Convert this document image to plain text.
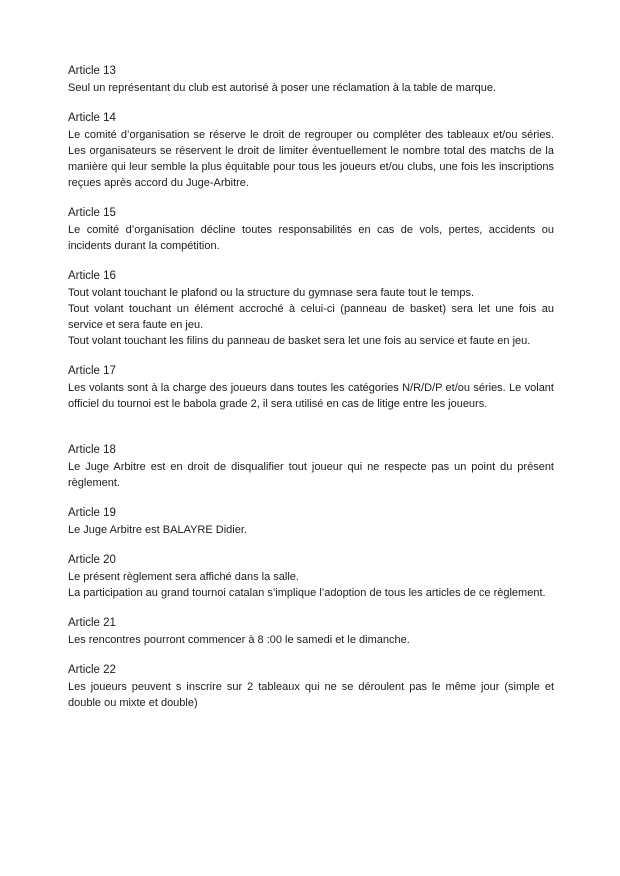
Article 13

Seul un représentant du club est autorisé à poser une réclamation à la table de marque.

Article 14

Le comité d’organisation se réserve le droit de regrouper ou compléter des tableaux et/ou séries. Les organisateurs se réservent le droit de limiter éventuellement le nombre total des matchs de la manière qui leur semble la plus équitable pour tous les joueurs et/ou clubs, une fois les inscriptions reçues après accord du Juge-Arbitre.

Article 15

Le comité d’organisation décline toutes responsabilités en cas de vols, pertes, accidents ou incidents durant la compétition.

Article 16

Tout volant touchant le plafond ou la structure du gymnase sera faute tout le temps.

Tout volant touchant un élément accroché à celui-ci (panneau de basket) sera let une fois au service et sera faute en jeu.

Tout volant touchant les filins du panneau de basket sera let une fois au service et faute en jeu.

Article 17

Les volants sont à la charge des joueurs dans toutes les catégories N/R/D/P et/ou séries. Le volant officiel du tournoi est le babola grade 2, il sera utilisé en cas de litige entre les joueurs.

Article 18

Le Juge Arbitre est en droit de disqualifier tout joueur qui ne respecte pas un point du présent règlement.

Article 19

Le Juge Arbitre est BALAYRE Didier.

Article 20

Le présent règlement sera affiché dans la salle.

La participation au grand tournoi catalan s’implique l’adoption de tous les articles de ce règlement.

Article 21

Les rencontres pourront commencer à 8 :00 le samedi et le dimanche.

Article 22

Les joueurs peuvent s inscrire sur 2 tableaux qui ne se déroulent pas le même jour (simple et double ou mixte et double)
